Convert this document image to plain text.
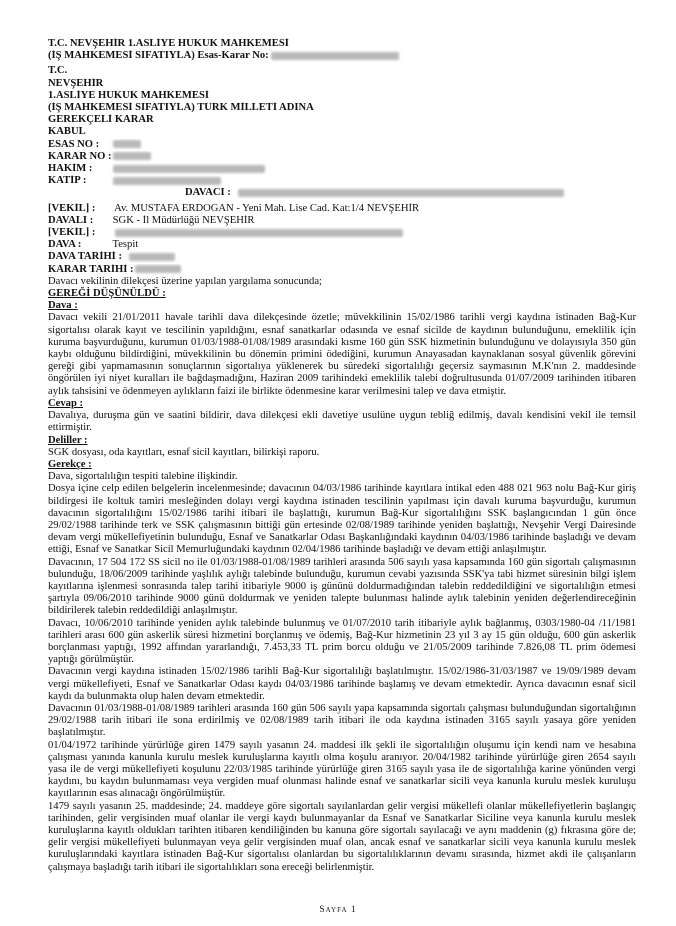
T.C. NEVŞEHİR 1.ASLİYE HUKUK MAHKEMESİ
(İŞ MAHKEMESİ SIFATIYLA) Esas-Karar No:
T.C.
NEVŞEHİR
1.ASLİYE HUKUK MAHKEMESİ
(İŞ MAHKEMESİ SIFATIYLA) TÜRK MİLLETİ ADINA
GEREKÇELİ KARAR
KABUL
ESAS NO :
KARAR NO :
HAKİM :
KATİP :
DAVACI :
[VEKİL] : Av. MUSTAFA ERDOĞAN - Yeni Mah. Lise Cad. Kat:1/4 NEVŞEHİR
DAVALI : SGK - İl Müdürlüğü NEVŞEHİR
[VEKİL] :
DAVA :	Tespit
DAVA TARİHİ :
KARAR TARİHİ :
Davacı vekilinin dilekçesi üzerine yapılan yargılama sonucunda;
GEREĞİ DÜŞÜNÜLDÜ :
Dava :

Davacı vekili 21/01/2011 havale tarihli dava dilekçesinde özetle; müvekkilinin 15/02/1986 tarihli vergi kaydına istinaden Bağ-Kur sigortalısı olarak kayıt ve tescilinin yapıldığını, esnaf sanatkarlar odasında ve esnaf sicilde de kaydının bulunduğunu, emeklilik için kuruma başvurduğunu, kurumun 01/03/1988-01/08/1989 arasındaki kısme 160 gün SSK hizmetinin bulunduğunu ve dolayısıyla 350 gün kaybı olduğunu bildirdiğini, müvekkilinin bu dönemin primini ödediğini, kurumun Anayasadan kaynaklanan sosyal güvenlik görevini gereği gibi yapmamasının sonuçlarının sigortalıya yüklenerek bu süredeki sigortalılığı geçersiz saymasının M.K'nın 2. maddesinde öngörülen iyi niyet kuralları ile bağdaşmadığını, Haziran 2009 tarihindeki emeklilik talebi doğrultusunda 01/07/2009 tarihinden itibaren aylık tahsisini ve ödenmeyen aylıkların faizi ile birlikte ödenmesine karar verilmesini talep ve dava etmiştir.

Cevap :

Davalıya, duruşma gün ve saatini bildirir, dava dilekçesi ekli davetiye usulüne uygun tebliğ edilmiş, davalı kendisini vekil ile temsil ettirmiştir.

Deliller :

SGK dosyası, oda kayıtları, esnaf sicil kayıtları, bilirkişi raporu.

Gerekçe :

Dava, sigortalılığın tespiti talebine ilişkindir.

Dosya içine celp edilen belgelerin incelenmesinde; davacının 04/03/1986 tarihinde kayıtlara intikal eden 488 021 963 nolu Bağ-Kur giriş bildirgesi ile koltuk tamiri mesleğinden dolayı vergi kaydına istinaden tescilinin yapılması için davalı kuruma başvurduğu, kurumun davacının sigortalılığını 15/02/1986 tarihi itibari ile başlattığı, kurumun Bağ-Kur sigortalılığını SSK başlangıcından 1 gün önce 29/02/1988 tarihinde terk ve SSK çalışmasının bittiği gün ertesinde 02/08/1989 tarihinde yeniden başlattığı, Nevşehir Vergi Dairesinde devam vergi mükellefiyetinin bulunduğu, Esnaf ve Sanatkarlar Odası Başkanlığındaki kaydının 04/03/1986 tarihinde başladığı ve devam ettiği, Esnaf ve Sanatkar Sicil Memurluğundaki kaydının 02/04/1986 tarihinde başladığı ve devam ettiği anlaşılmıştır.

Davacının, 17 504 172 SS sicil no ile 01/03/1988-01/08/1989 tarihleri arasında 506 sayılı yasa kapsamında 160 gün sigortalı çalışmasının bulunduğu, 18/06/2009 tarihinde yaşlılık aylığı talebinde bulunduğu, kurumun cevabi yazısında SSK'ya tabi hizmet süresinin bilgi işlem kayıtlarına işlenmesi sonrasında talep tarihi itibariyle 9000 iş gününü doldurmadığından talebin reddedildiğini ve sigortalılığın etmesi şartıyla 09/06/2010 tarihinde 9000 günü doldurmak ve yeniden talepte bulunması halinde aylık talebinin yeniden değerlendireceğinin bildirilerek talebin reddedildiği anlaşılmıştır.

Davacı, 10/06/2010 tarihinde yeniden aylık talebinde bulunmuş ve 01/07/2010 tarih itibariyle aylık bağlanmış, 0303/1980-04 /11/1981 tarihleri arası 600 gün askerlik süresi hizmetini borçlanmış ve ödemiş, Bağ-Kur hizmetinin 23 yıl 3 ay 15 gün olduğu, 600 gün askerlik borçlanması yaptığı, 1992 affından yararlandığı, 7.453,33 TL prim borcu olduğu ve 21/05/2009 tarihinde 7.826,08 TL prim ödemesi yaptığı görülmüştür.

Davacının vergi kaydına istinaden 15/02/1986 tarihli Bağ-Kur sigortalılığı başlatılmıştır. 15/02/1986-31/03/1987 ve 19/09/1989 devam vergi mükellefiyeti, Esnaf ve Sanatkarlar Odası kaydı 04/03/1986 tarihinde başlamış ve devam etmektedir. Ayrıca davacının esnaf sicil kaydı da bulunmakta olup halen devam etmektedir.

Davacının 01/03/1988-01/08/1989 tarihleri arasında 160 gün 506 sayılı yapa kapsamında sigortalı çalışması bulunduğundan sigortalığının 29/02/1988 tarih itibari ile sona erdirilmiş ve 02/08/1989 tarih itibari ile oda kaydına istinaden 3165 sayılı yasaya göre yeniden başlatılmıştır.

01/04/1972 tarihinde yürürlüğe giren 1479 sayılı yasanın 24. maddesi ilk şekli ile sigortalılığın oluşumu için kendi nam ve hesabına çalışması yanında kanunla kurulu meslek kuruluşlarına kayıtlı olma koşulu aranıyor. 20/04/1982 tarihinde yürürlüğe giren 2654 sayılı yasa ile de vergi mükellefiyeti koşulunu 22/03/1985 tarihinde yürürlüğe giren 3165 sayılı yasa ile de sigortalılığa karine yönünden vergi kaydını, bu kaydın bulunmaması veya vergiden muaf olunması halinde esnaf ve sanatkarlar sicili veya kanunla kurulu meslek kuruluşu kayıtlarının esas alınacağı öngörülmüştür.

1479 sayılı yasanın 25. maddesinde; 24. maddeye göre sigortalı sayılanlardan gelir vergisi mükellefi olanlar mükellefiyetlerin başlangıç tarihinden, gelir vergisinden muaf olanlar ile vergi kaydı bulunmayanlar da Esnaf ve Sanatkarlar Siciline veya kanunla kurulu meslek kuruluşlarına kayıtlı oldukları tarihten itibaren kendiliğinden bu kanuna göre sigortalı sayılacağı ve aynı maddenin (g) fıkrasına göre de; gelir vergisi mükellefiyeti bulunmayan veya gelir vergisinden muaf olan, ancak esnaf ve sanatkarlar sicili veya kanunla kurulu meslek kuruluşlarındaki kayıtlara istinaden Bağ-Kur sigortalısı olanlardan bu sigortalılıklarının devamı sırasında, hizmet akdi ile çalışanların çalışmaya başladığı tarih itibari ile sigortalılıkları sona ereceği belirlenmiştir.

Sayfa 1
